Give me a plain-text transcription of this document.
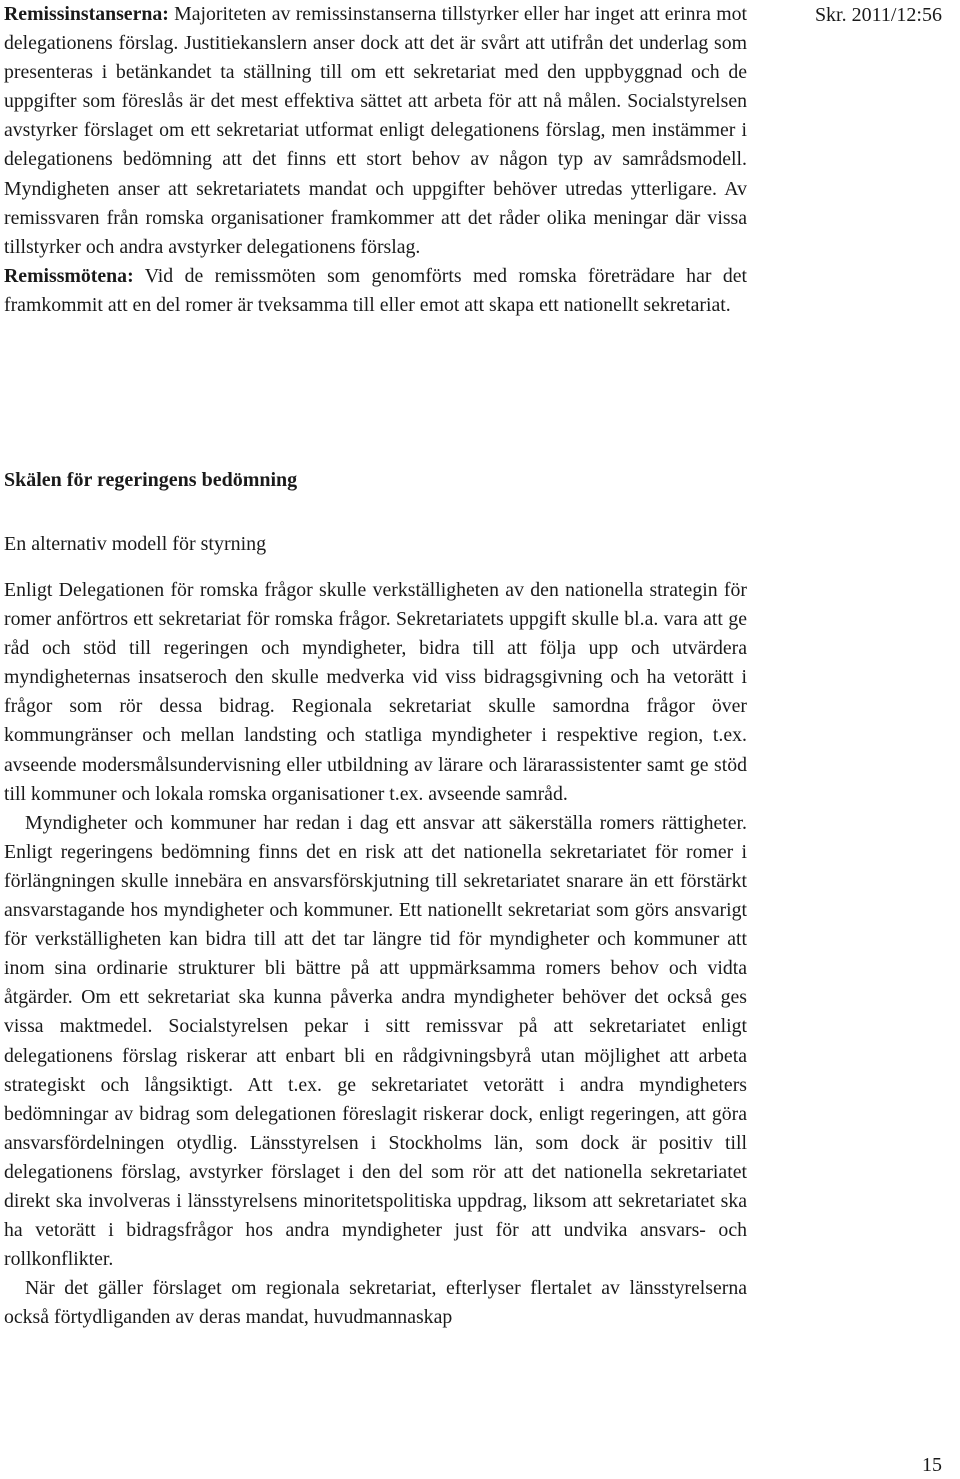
Skr. 2011/12:56

Remissinstanserna: Majoriteten av remissinstanserna tillstyrker eller har inget att erinra mot delegationens förslag. Justitiekanslern anser dock att det är svårt att utifrån det underlag som presenteras i betänkandet ta ställning till om ett sekretariat med den uppbyggnad och de uppgifter som föreslås är det mest effektiva sättet att arbeta för att nå målen. Socialstyrelsen avstyrker förslaget om ett sekretariat utformat enligt delegationens förslag, men instämmer i delegationens bedömning att det finns ett stort behov av någon typ av samrådsmodell. Myndigheten anser att sekretariatets mandat och uppgifter behöver utredas ytterligare. Av remissvaren från romska organisationer framkommer att det råder olika meningar där vissa tillstyrker och andra avstyrker delegationens förslag.

Remissmötena: Vid de remissmöten som genomförts med romska företrädare har det framkommit att en del romer är tveksamma till eller emot att skapa ett nationellt sekretariat.

Skälen för regeringens bedömning
En alternativ modell för styrning

Enligt Delegationen för romska frågor skulle verkställigheten av den nationella strategin för romer anförtros ett sekretariat för romska frågor. Sekretariatets uppgift skulle bl.a. vara att ge råd och stöd till regeringen och myndigheter, bidra till att följa upp och utvärdera myndigheternas insatseroch den skulle medverka vid viss bidragsgivning och ha vetorätt i frågor som rör dessa bidrag. Regionala sekretariat skulle samordna frågor över kommungränser och mellan landsting och statliga myndigheter i respektive region, t.ex. avseende modersmålsundervisning eller utbildning av lärare och lärarassistenter samt ge stöd till kommuner och lokala romska organisationer t.ex. avseende samråd.

Myndigheter och kommuner har redan i dag ett ansvar att säkerställa romers rättigheter. Enligt regeringens bedömning finns det en risk att det nationella sekretariatet för romer i förlängningen skulle innebära en ansvarsförskjutning till sekretariatet snarare än ett förstärkt ansvarstagande hos myndigheter och kommuner. Ett nationellt sekretariat som görs ansvarigt för verkställigheten kan bidra till att det tar längre tid för myndigheter och kommuner att inom sina ordinarie strukturer bli bättre på att uppmärksamma romers behov och vidta åtgärder. Om ett sekretariat ska kunna påverka andra myndigheter behöver det också ges vissa maktmedel. Socialstyrelsen pekar i sitt remissvar på att sekretariatet enligt delegationens förslag riskerar att enbart bli en rådgivningsbyrå utan möjlighet att arbeta strategiskt och långsiktigt. Att t.ex. ge sekretariatet vetorätt i andra myndigheters bedömningar av bidrag som delegationen föreslagit riskerar dock, enligt regeringen, att göra ansvarsfördelningen otydlig. Länsstyrelsen i Stockholms län, som dock är positiv till delegationens förslag, avstyrker förslaget i den del som rör att det nationella sekretariatet direkt ska involveras i länsstyrelsens minoritetspolitiska uppdrag, liksom att sekretariatet ska ha vetorätt i bidragsfrågor hos andra myndigheter just för att undvika ansvars- och rollkonflikter.

När det gäller förslaget om regionala sekretariat, efterlyser flertalet av länsstyrelserna också förtydliganden av deras mandat, huvudmannaskap

15
